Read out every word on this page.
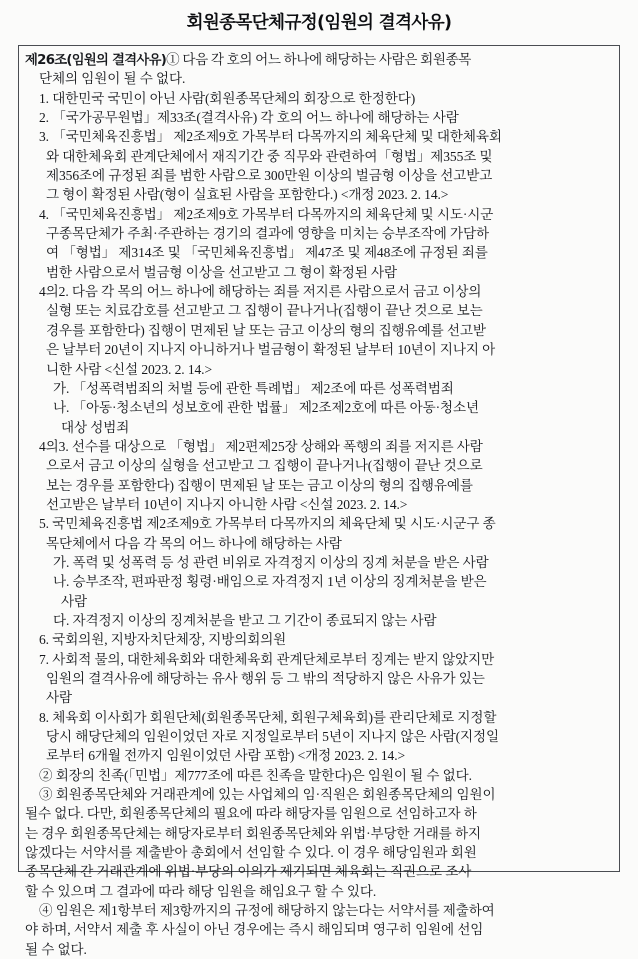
회원종목단체규정(임원의 결격사유)
제26조(임원의 결격사유)① 다음 각 호의 어느 하나에 해당하는 사람은 회원종목
단체의 임원이 될 수 없다.
1. 대한민국 국민이 아닌 사람(회원종목단체의 회장으로 한정한다)
2. 「국가공무원법」제33조(결격사유) 각 호의 어느 하나에 해당하는 사람
3. 「국민체육진흥법」 제2조제9호 가목부터 다목까지의 체육단체 및 대한체육회
와 대한체육회 관계단체에서 재직기간 중 직무와 관련하여「형법」제355조 및
제356조에 규정된 죄를 범한 사람으로 300만원 이상의 벌금형 이상을 선고받고
그 형이 확정된 사람(형이 실효된 사람을 포함한다.) <개정 2023. 2. 14.>
4. 「국민체육진흥법」 제2조제9호 가목부터 다목까지의 체육단체 및 시도·시군
구종목단체가 주최·주관하는 경기의 결과에 영향을 미치는 승부조작에 가담하
여 「형법」 제314조 및 「국민체육진흥법」 제47조 및 제48조에 규정된 죄를
범한 사람으로서 벌금형 이상을 선고받고 그 형이 확정된 사람
4의2. 다음 각 목의 어느 하나에 해당하는 죄를 저지른 사람으로서 금고 이상의
실형 또는 치료감호를 선고받고 그 집행이 끝나거나(집행이 끝난 것으로 보는
경우를 포함한다) 집행이 면제된 날 또는 금고 이상의 형의 집행유예를 선고받
은 날부터 20년이 지나지 아니하거나 벌금형이 확정된 날부터 10년이 지나지 아
니한 사람 <신설 2023. 2. 14.>
가. 「성폭력범죄의 처벌 등에 관한 특례법」 제2조에 따른 성폭력범죄
나. 「아동·청소년의 성보호에 관한 법률」 제2조제2호에 따른 아동·청소년
대상 성범죄
4의3. 선수를 대상으로 「형법」 제2편제25장 상해와 폭행의 죄를 저지른 사람
으로서 금고 이상의 실형을 선고받고 그 집행이 끝나거나(집행이 끝난 것으로
보는 경우를 포함한다) 집행이 면제된 날 또는 금고 이상의 형의 집행유예를
선고받은 날부터 10년이 지나지 아니한 사람 <신설 2023. 2. 14.>
5. 국민체육진흥법 제2조제9호 가목부터 다목까지의 체육단체 및 시도·시군구 종
목단체에서 다음 각 목의 어느 하나에 해당하는 사람
가. 폭력 및 성폭력 등 성 관련 비위로 자격정지 이상의 징계 처분을 받은 사람
나. 승부조작, 편파판정 횡령·배임으로 자격정지 1년 이상의 징계처분을 받은
사람
다. 자격정지 이상의 징계처분을 받고 그 기간이 종료되지 않는 사람
6. 국회의원, 지방자치단체장, 지방의회의원
7. 사회적 물의, 대한체육회와 대한체육회 관계단체로부터 징계는 받지 않았지만
임원의 결격사유에 해당하는 유사 행위 등 그 밖의 적당하지 않은 사유가 있는
사람
8. 체육회 이사회가 회원단체(회원종목단체, 회원구체육회)를 관리단체로 지정할
당시 해당단체의 임원이었던 자로 지정일로부터 5년이 지나지 않은 사람(지정일
로부터 6개월 전까지 임원이었던 사람 포함) <개정 2023. 2. 14.>
② 회장의 친족(「민법」제777조에 따른 친족을 말한다)은 임원이 될 수 없다.
③ 회원종목단체와 거래관계에 있는 사업체의 임·직원은 회원종목단체의 임원이
될수 없다. 다만, 회원종목단체의 필요에 따라 해당자를 임원으로 선임하고자 하
는 경우 회원종목단체는 해당자로부터 회원종목단체와 위법·부당한 거래를 하지
않겠다는 서약서를 제출받아 총회에서 선임할 수 있다. 이 경우 해당임원과 회원
종목단체 간 거래관계에 위법·부당의 이의가 제기되면 체육회는 직권으로 조사
할 수 있으며 그 결과에 따라 해당 임원을 해임요구 할 수 있다.
④ 임원은 제1항부터 제3항까지의 규정에 해당하지 않는다는 서약서를 제출하여
야 하며, 서약서 제출 후 사실이 아닌 경우에는 즉시 해임되며 영구히 임원에 선임
될 수 없다.
